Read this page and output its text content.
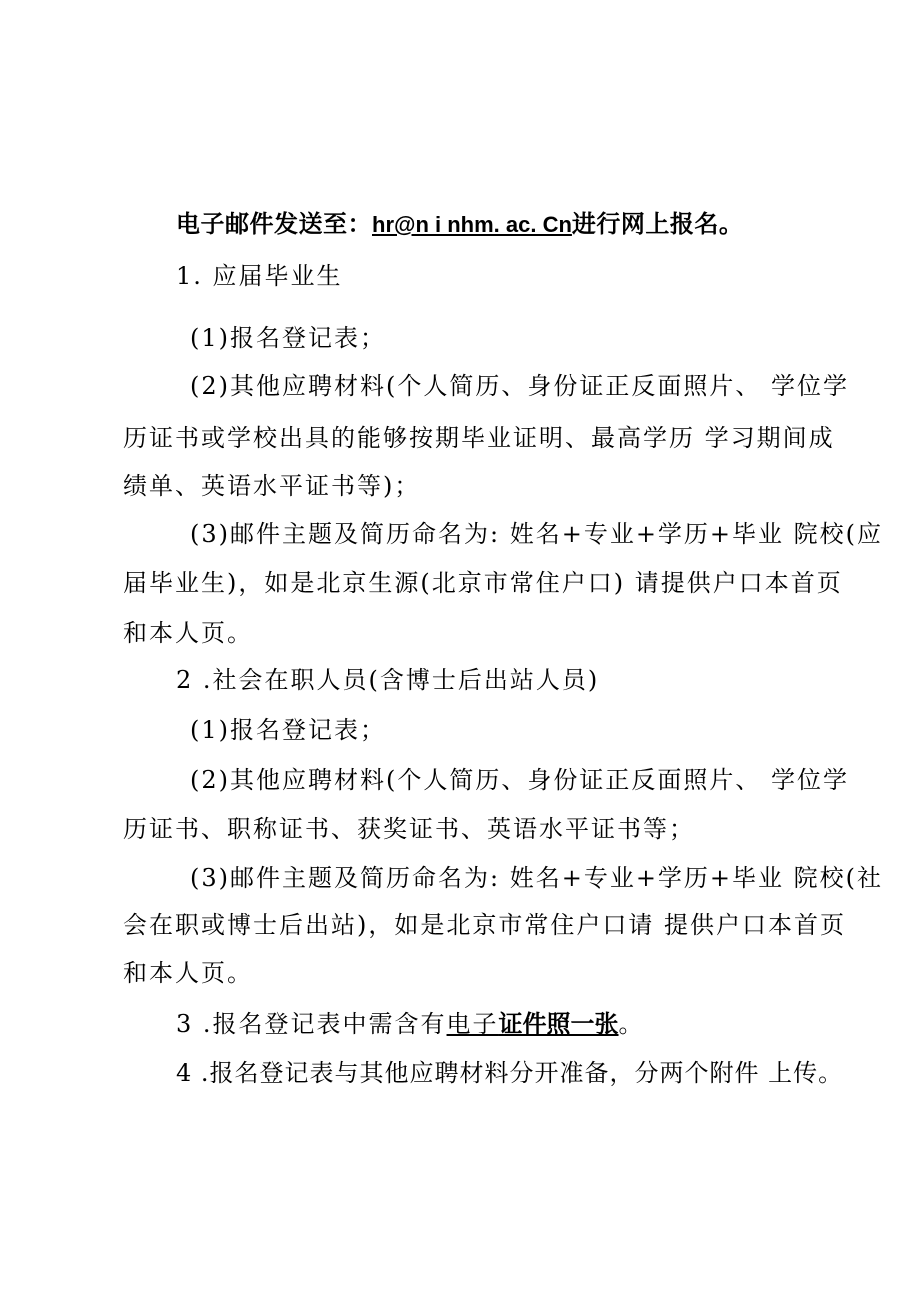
电子邮件发送至：hr@n i nhm. ac. Cn进行网上报名。
1. 应届毕业生
(1)报名登记表；
(2)其他应聘材料(个人简历、身份证正反面照片、 学位学
历证书或学校出具的能够按期毕业证明、最高学历 学习期间成
绩单、英语水平证书等)；
(3)邮件主题及简历命名为: 姓名+专业+学历+毕业 院校(应
届毕业生)，如是北京生源(北京市常住户口) 请提供户口本首页
和本人页。
2 .社会在职人员(含博士后出站人员)
(1)报名登记表；
(2)其他应聘材料(个人简历、身份证正反面照片、 学位学
历证书、职称证书、获奖证书、英语水平证书等；
(3)邮件主题及简历命名为: 姓名+专业+学历+毕业 院校(社
会在职或博士后出站)，如是北京市常住户口请 提供户口本首页
和本人页。
3 .报名登记表中需含有电子证件照一张。
4 .报名登记表与其他应聘材料分开准备，分两个附件 上传。
